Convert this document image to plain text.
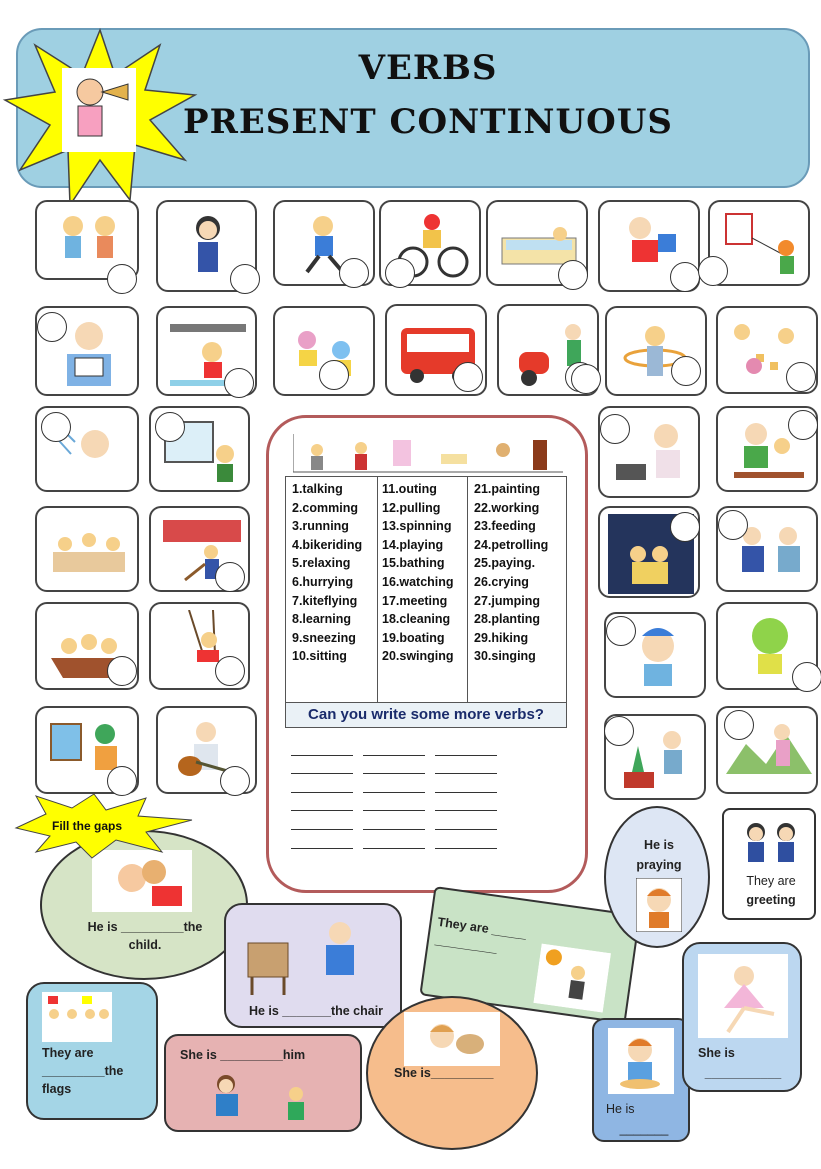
VERBS
PRESENT CONTINUOUS
1.talking
2.comming
3.running
4.bikeriding
5.relaxing
6.hurrying
7.kiteflying
8.learning
9.sneezing
10.sitting
11.outing
12.pulling
13.spinning
14.playing
15.bathing
16.watching
17.meeting
18.cleaning
19.boating
20.swinging
21.painting
22.working
23.feeding
24.petrolling
25.paying.
26.crying
27.jumping
28.planting
29.hiking
30.singing
Can you write some more verbs?
He is _________the child.
Fill the gaps
He is _______the chair
They are _____ _________
He is
praying
They are
greeting
They are _________the flags
She is _________him
She is_________
He is
_______
She is
___________
